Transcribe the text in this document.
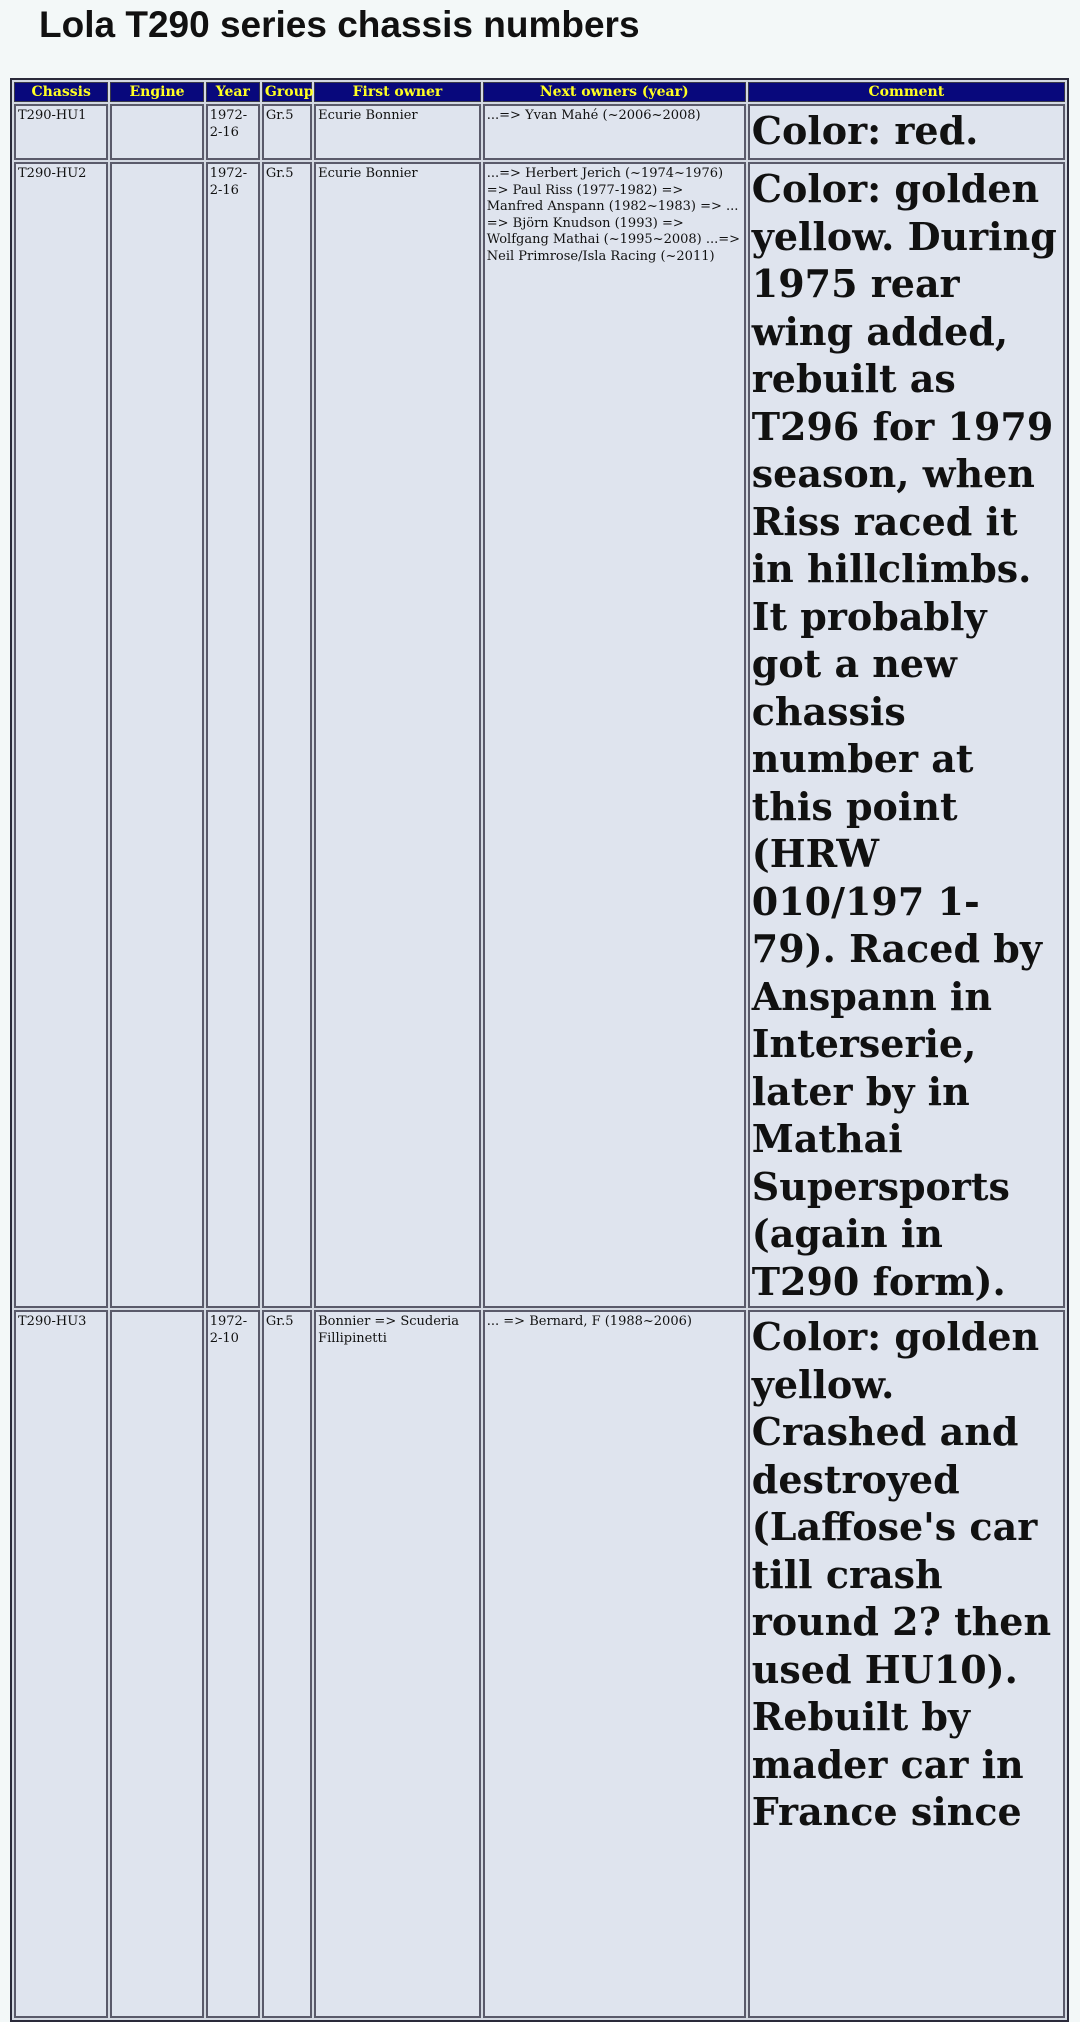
Lola T290 series chassis numbers
Chassis	Engine	Year	Group	First owner	Next owners (year)	Comment
T290-HU1		1972-2-16	Gr.5	Ecurie Bonnier	...=> Yvan Mahé (~2006~2008)	Color: red.
T290-HU2		1972-2-16	Gr.5	Ecurie Bonnier	...=> Herbert Jerich (~1974~1976) => Paul Riss (1977-1982) => Manfred Anspann (1982~1983) => ... => Björn Knudson (1993) => Wolfgang Mathai (~1995~2008) ...=> Neil Primrose/Isla Racing (~2011)	Color: golden yellow. During 1975 rear wing added, rebuilt as T296 for 1979 season, when Riss raced it in hillclimbs. It probably got a new chassis number at this point (HRW 010/197 1-79). Raced by Anspann in Interserie, later by in Mathai Supersports (again in T290 form).
T290-HU3		1972-2-10	Gr.5	Bonnier => Scuderia Fillipinetti	... => Bernard, F (1988~2006)	Color: golden yellow. Crashed and destroyed (Laffose's car till crash round 2? then used HU10). Rebuilt by mader car in France since
